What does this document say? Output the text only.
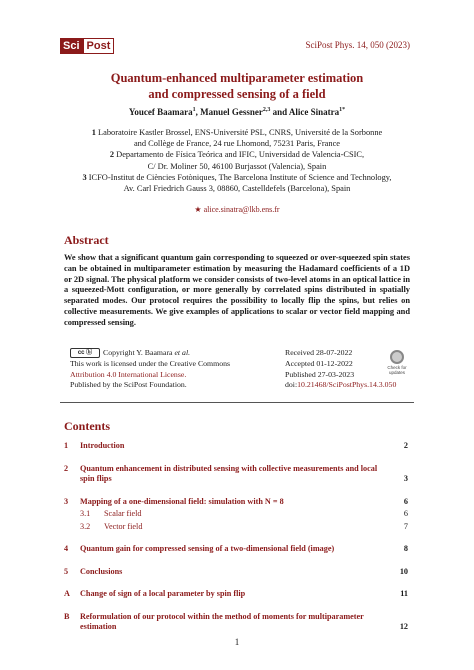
Sci Post	SciPost Phys. 14, 050 (2023)
Quantum-enhanced multiparameter estimation
and compressed sensing of a field
Youcef Baamara$^1$, Manuel Gessner$^{2,3}$ and Alice Sinatra$^{1*}$
1 Laboratoire Kastler Brossel, ENS-Université PSL, CNRS, Université de la Sorbonne
and Collège de France, 24 rue Lhomond, 75231 Paris, France
2 Departamento de Física Teórica and IFIC, Universidad de Valencia-CSIC,
C/ Dr. Moliner 50, 46100 Burjassot (Valencia), Spain
3 ICFO-Institut de Ciències Fotòniques, The Barcelona Institute of Science and Technology,
Av. Carl Friedrich Gauss 3, 08860, Castelldefels (Barcelona), Spain
★ alice.sinatra@lkb.ens.fr
Abstract
We show that a significant quantum gain corresponding to squeezed or over-squeezed spin states can be obtained in multiparameter estimation by measuring the Hadamard coefficients of a 1D or 2D signal. The physical platform we consider consists of two-level atoms in an optical lattice in a squeezed-Mott configuration, or more generally by correlated spins distributed in spatially separated modes. Our protocol requires the possibility to locally flip the spins, but relies on collective measurements. We give examples of applications to scalar or vector field mapping and compressed sensing.
cc ⓑ Copyright Y. Baamara et al.
This work is licensed under the Creative Commons
Attribution 4.0 International License.
Published by the SciPost Foundation.
Received 28-07-2022
Accepted 01-12-2022
Published 27-03-2023
doi:10.21468/SciPostPhys.14.3.050
Check for
updates
Contents
1	Introduction	2
2	Quantum enhancement in distributed sensing with collective measurements and local spin flips	3
3	Mapping of a one-dimensional field: simulation with N = 8	6
3.1	Scalar field	6
3.2	Vector field	7
4	Quantum gain for compressed sensing of a two-dimensional field (image)	8
5	Conclusions	10
A	Change of sign of a local parameter by spin flip	11
B	Reformulation of our protocol within the method of moments for multiparameter estimation	12
1
